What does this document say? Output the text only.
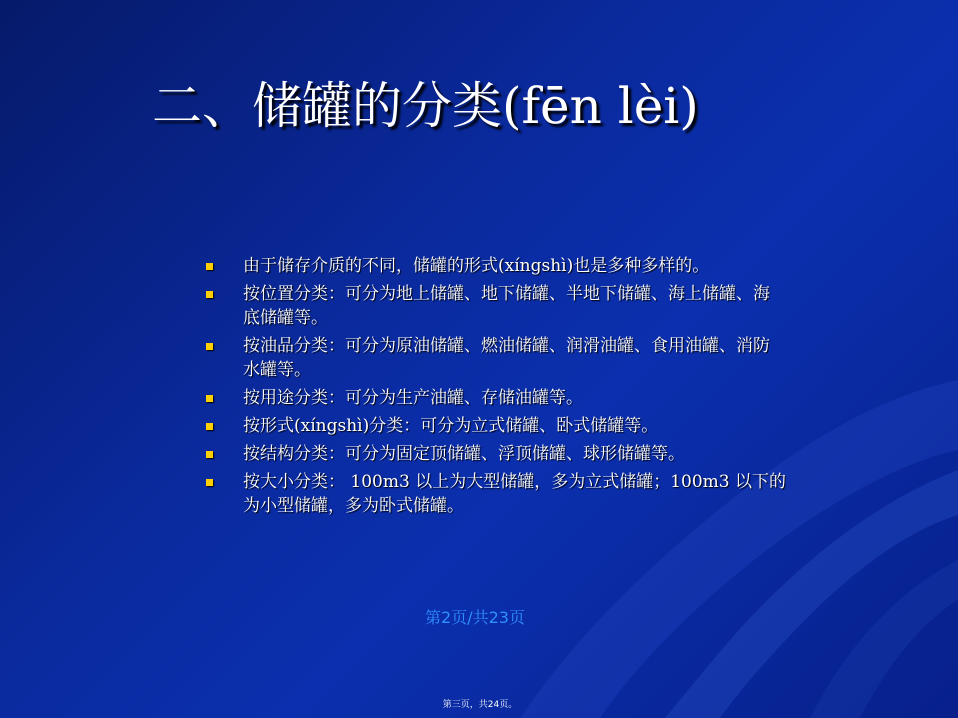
二、储罐的分类(fēn lèi)
由于储存介质的不同，储罐的形式(xíngshì)也是多种多样的。
按位置分类：可分为地上储罐、地下储罐、半地下储罐、海上储罐、海底储罐等。
按油品分类：可分为原油储罐、燃油储罐、润滑油罐、食用油罐、消防水罐等。
按用途分类：可分为生产油罐、存储油罐等。
按形式(xíngshì)分类：可分为立式储罐、卧式储罐等。
按结构分类：可分为固定顶储罐、浮顶储罐、球形储罐等。
按大小分类： 100m3 以上为大型储罐，多为立式储罐；100m3 以下的为小型储罐，多为卧式储罐。
第2页/共23页
第三页，共24页。
